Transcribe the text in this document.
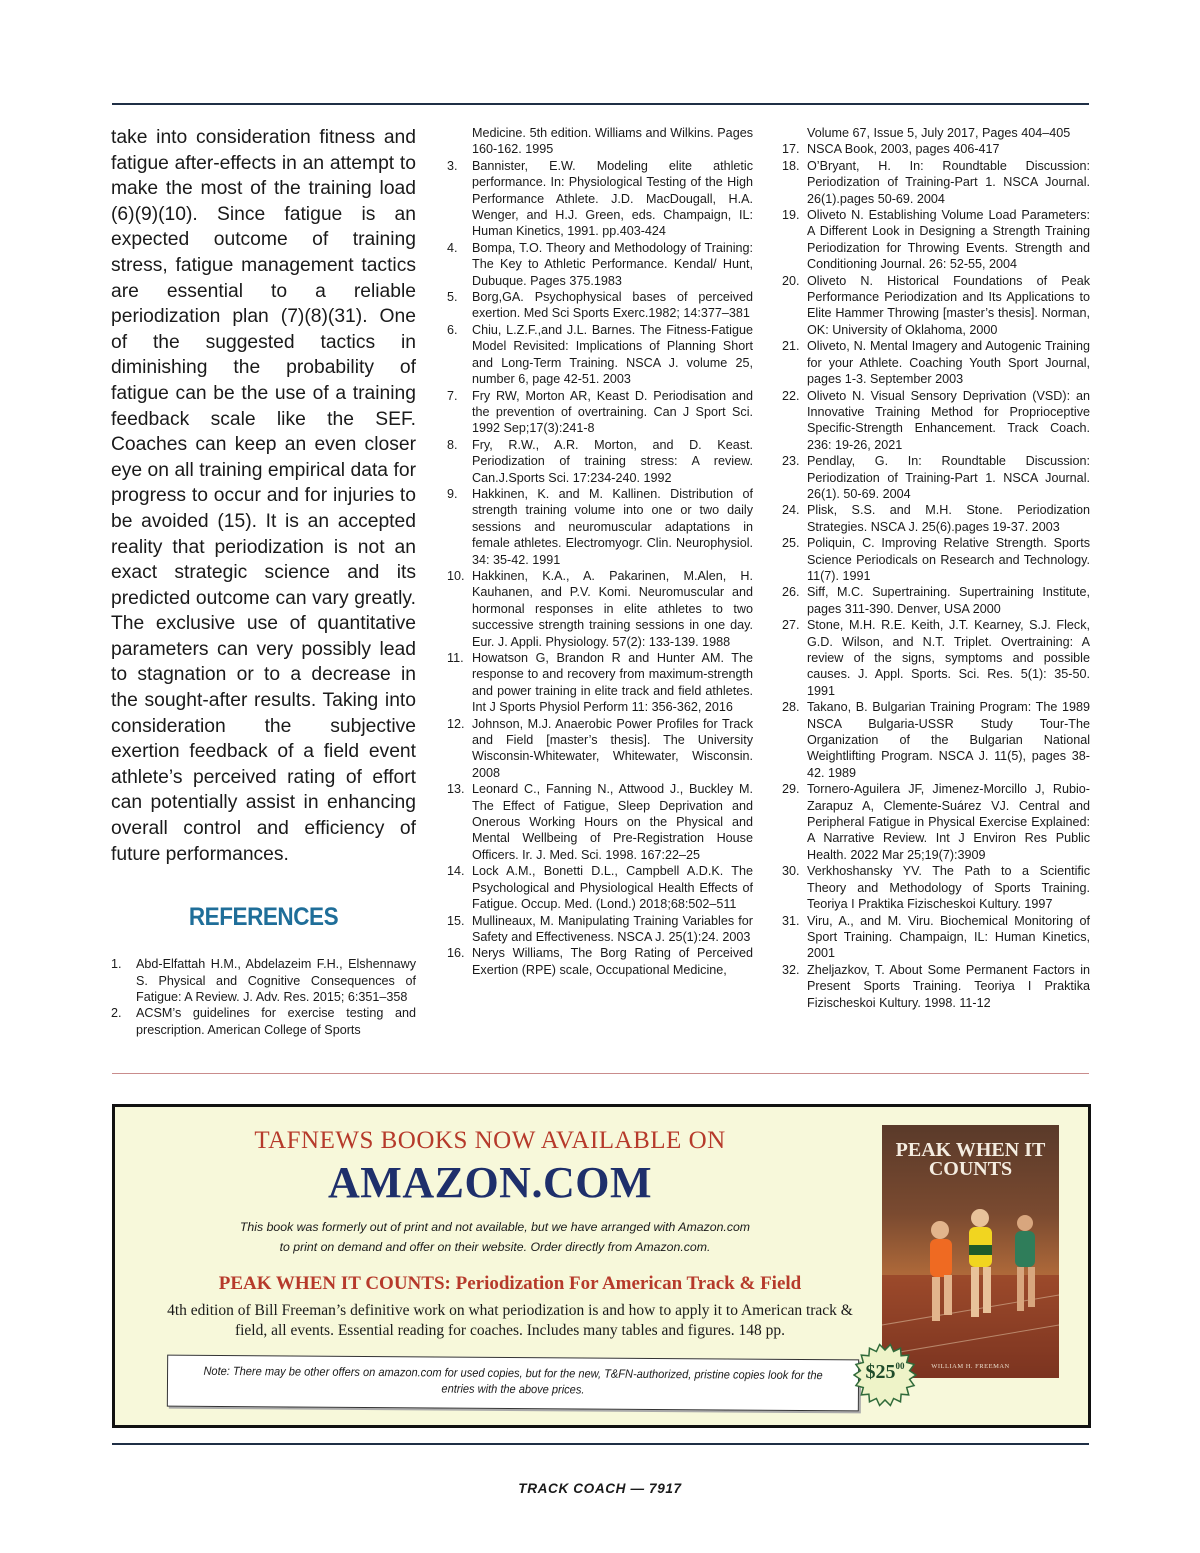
take into consideration fitness and fatigue after-effects in an attempt to make the most of the training load (6)(9)(10). Since fatigue is an expected outcome of training stress, fatigue management tactics are essential to a reliable periodization plan (7)(8)(31). One of the suggested tactics in diminishing the probability of fatigue can be the use of a training feedback scale like the SEF. Coaches can keep an even closer eye on all training empirical data for progress to occur and for injuries to be avoided (15). It is an accepted reality that periodization is not an exact strategic science and its predicted outcome can vary greatly. The exclusive use of quantitative parameters can very possibly lead to stagnation or to a decrease in the sought-after results. Taking into consideration the subjective exertion feedback of a field event athlete’s perceived rating of effort can potentially assist in enhancing overall control and efficiency of future performances.

REFERENCES
1. Abd-Elfattah H.M., Abdelazeim F.H., Elshennawy S. Physical and Cognitive Consequences of Fatigue: A Review. J. Adv. Res. 2015; 6:351–358
2. ACSM’s guidelines for exercise testing and prescription. American College of Sports
Medicine. 5th edition. Williams and Wilkins. Pages 160-162. 1995
3. Bannister, E.W. Modeling elite athletic performance. In: Physiological Testing of the High Performance Athlete. J.D. MacDougall, H.A. Wenger, and H.J. Green, eds. Champaign, IL: Human Kinetics, 1991. pp.403-424
4. Bompa, T.O. Theory and Methodology of Training: The Key to Athletic Performance. Kendal/ Hunt, Dubuque. Pages 375.1983
5. Borg,GA. Psychophysical bases of perceived exertion. Med Sci Sports Exerc.1982; 14:377–381
6. Chiu, L.Z.F.,and J.L. Barnes. The Fitness-Fatigue Model Revisited: Implications of Planning Short and Long-Term Training. NSCA J. volume 25, number 6, page 42-51. 2003
7. Fry RW, Morton AR, Keast D. Periodisation and the prevention of overtraining. Can J Sport Sci. 1992 Sep;17(3):241-8
8. Fry, R.W., A.R. Morton, and D. Keast. Periodization of training stress: A review. Can.J.Sports Sci. 17:234-240. 1992
9. Hakkinen, K. and M. Kallinen. Distribution of strength training volume into one or two daily sessions and neuromuscular adaptations in female athletes. Electromyogr. Clin. Neurophysiol. 34: 35-42. 1991
10. Hakkinen, K.A., A. Pakarinen, M.Alen, H. Kauhanen, and P.V. Komi. Neuromuscular and hormonal responses in elite athletes to two successive strength training sessions in one day. Eur. J. Appli. Physiology. 57(2): 133-139. 1988
11. Howatson G, Brandon R and Hunter AM. The response to and recovery from maximum-strength and power training in elite track and field athletes. Int J Sports Physiol Perform 11: 356-362, 2016
12. Johnson, M.J. Anaerobic Power Profiles for Track and Field [master’s thesis]. The University Wisconsin-Whitewater, Whitewater, Wisconsin. 2008
13. Leonard C., Fanning N., Attwood J., Buckley M. The Effect of Fatigue, Sleep Deprivation and Onerous Working Hours on the Physical and Mental Wellbeing of Pre-Registration House Officers. Ir. J. Med. Sci. 1998. 167:22–25
14. Lock A.M., Bonetti D.L., Campbell A.D.K. The Psychological and Physiological Health Effects of Fatigue. Occup. Med. (Lond.) 2018;68:502–511
15. Mullineaux, M. Manipulating Training Variables for Safety and Effectiveness. NSCA J. 25(1):24. 2003
16. Nerys Williams, The Borg Rating of Perceived Exertion (RPE) scale, Occupational Medicine,
Volume 67, Issue 5, July 2017, Pages 404–405
17. NSCA Book, 2003, pages 406-417
18. O’Bryant, H. In: Roundtable Discussion: Periodization of Training-Part 1. NSCA Journal. 26(1).pages 50-69. 2004
19. Oliveto N. Establishing Volume Load Parameters: A Different Look in Designing a Strength Training Periodization for Throwing Events. Strength and Conditioning Journal. 26: 52-55, 2004
20. Oliveto N. Historical Foundations of Peak Performance Periodization and Its Applications to Elite Hammer Throwing [master’s thesis]. Norman, OK: University of Oklahoma, 2000
21. Oliveto, N. Mental Imagery and Autogenic Training for your Athlete. Coaching Youth Sport Journal, pages 1-3. September 2003
22. Oliveto N. Visual Sensory Deprivation (VSD): an Innovative Training Method for Proprioceptive Specific-Strength Enhancement. Track Coach. 236: 19-26, 2021
23. Pendlay, G. In: Roundtable Discussion: Periodization of Training-Part 1. NSCA Journal. 26(1). 50-69. 2004
24. Plisk, S.S. and M.H. Stone. Periodization Strategies. NSCA J. 25(6).pages 19-37. 2003
25. Poliquin, C. Improving Relative Strength. Sports Science Periodicals on Research and Technology. 11(7). 1991
26. Siff, M.C. Supertraining. Supertraining Institute, pages 311-390. Denver, USA 2000
27. Stone, M.H. R.E. Keith, J.T. Kearney, S.J. Fleck, G.D. Wilson, and N.T. Triplet. Overtraining: A review of the signs, symptoms and possible causes. J. Appl. Sports. Sci. Res. 5(1): 35-50. 1991
28. Takano, B. Bulgarian Training Program: The 1989 NSCA Bulgaria-USSR Study Tour-The Organization of the Bulgarian National Weightlifting Program. NSCA J. 11(5), pages 38-42. 1989
29. Tornero-Aguilera JF, Jimenez-Morcillo J, Rubio-Zarapuz A, Clemente-Suárez VJ. Central and Peripheral Fatigue in Physical Exercise Explained: A Narrative Review. Int J Environ Res Public Health. 2022 Mar 25;19(7):3909
30. Verkhoshansky YV. The Path to a Scientific Theory and Methodology of Sports Training. Teoriya I Praktika Fizischeskoi Kultury. 1997
31. Viru, A., and M. Viru. Biochemical Monitoring of Sport Training. Champaign, IL: Human Kinetics, 2001
32. Zheljazkov, T. About Some Permanent Factors in Present Sports Training. Teoriya I Praktika Fizischeskoi Kultury. 1998. 11-12
TAFNEWS BOOKS NOW AVAILABLE ON
AMAZON.COM
This book was formerly out of print and not available, but we have arranged with Amazon.com to print on demand and offer on their website. Order directly from Amazon.com.
PEAK WHEN IT COUNTS: Periodization For American Track & Field
4th edition of Bill Freeman’s definitive work on what periodization is and how to apply it to American track & field, all events. Essential reading for coaches. Includes many tables and figures. 148 pp.
Note: There may be other offers on amazon.com for used copies, but for the new, T&FN-authorized, pristine copies look for the entries with the above prices.
PEAK WHEN IT COUNTS
WILLIAM H. FREEMAN
$\$25^{00}$
TRACK COACH — 7917
